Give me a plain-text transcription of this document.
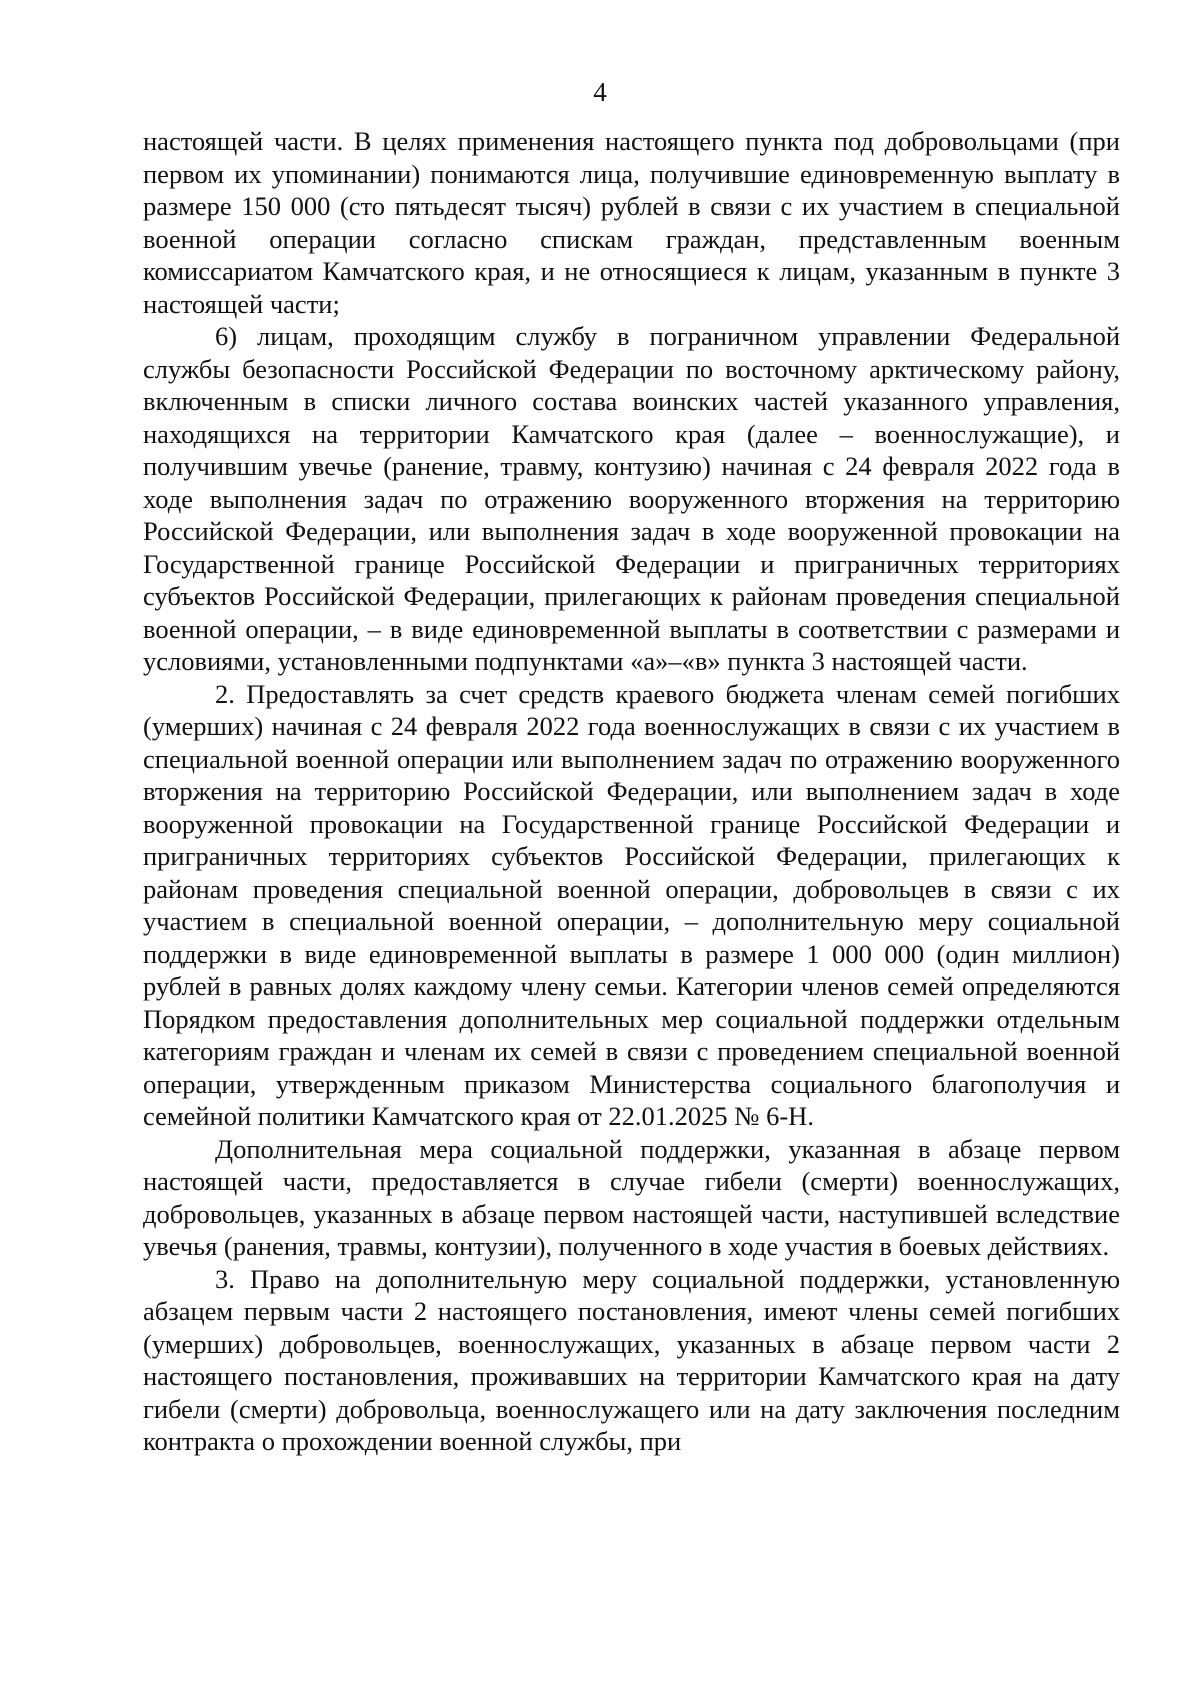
4

настоящей части. В целях применения настоящего пункта под добровольцами (при первом их упоминании) понимаются лица, получившие единовременную выплату в размере 150 000 (сто пятьдесят тысяч) рублей в связи с их участием в специальной военной операции согласно спискам граждан, представленным военным комиссариатом Камчатского края, и не относящиеся к лицам, указанным в пункте 3 настоящей части;

6) лицам, проходящим службу в пограничном управлении Федеральной службы безопасности Российской Федерации по восточному арктическому району, включенным в списки личного состава воинских частей указанного управления, находящихся на территории Камчатского края (далее – военнослужащие), и получившим увечье (ранение, травму, контузию) начиная с 24 февраля 2022 года в ходе выполнения задач по отражению вооруженного вторжения на территорию Российской Федерации, или выполнения задач в ходе вооруженной провокации на Государственной границе Российской Федерации и приграничных территориях субъектов Российской Федерации, прилегающих к районам проведения специальной военной операции, – в виде единовременной выплаты в соответствии с размерами и условиями, установленными подпунктами «а»–«в» пункта 3 настоящей части.

2. Предоставлять за счет средств краевого бюджета членам семей погибших (умерших) начиная с 24 февраля 2022 года военнослужащих в связи с их участием в специальной военной операции или выполнением задач по отражению вооруженного вторжения на территорию Российской Федерации, или выполнением задач в ходе вооруженной провокации на Государственной границе Российской Федерации и приграничных территориях субъектов Российской Федерации, прилегающих к районам проведения специальной военной операции, добровольцев в связи с их участием в специальной военной операции, – дополнительную меру социальной поддержки в виде единовременной выплаты в размере 1 000 000 (один миллион) рублей в равных долях каждому члену семьи. Категории членов семей определяются Порядком предоставления дополнительных мер социальной поддержки отдельным категориям граждан и членам их семей в связи с проведением специальной военной операции, утвержденным приказом Министерства социального благополучия и семейной политики Камчатского края от 22.01.2025 № 6-Н.

Дополнительная мера социальной поддержки, указанная в абзаце первом настоящей части, предоставляется в случае гибели (смерти) военнослужащих, добровольцев, указанных в абзаце первом настоящей части, наступившей вследствие увечья (ранения, травмы, контузии), полученного в ходе участия в боевых действиях.

3. Право на дополнительную меру социальной поддержки, установленную абзацем первым части 2 настоящего постановления, имеют члены семей погибших (умерших) добровольцев, военнослужащих, указанных в абзаце первом части 2 настоящего постановления, проживавших на территории Камчатского края на дату гибели (смерти) добровольца, военнослужащего или на дату заключения последним контракта о прохождении военной службы, при
